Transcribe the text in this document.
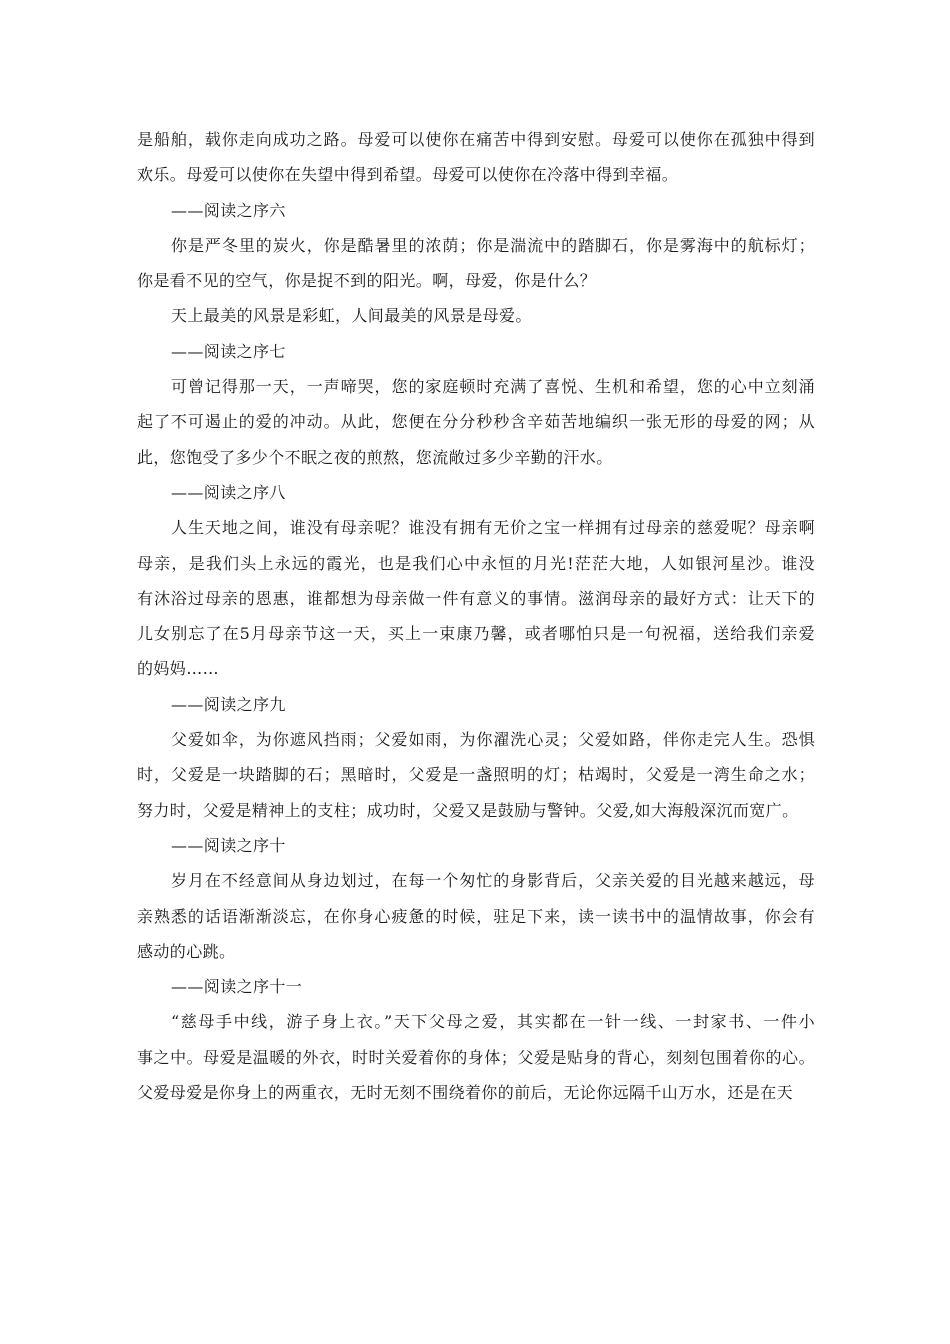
是船舶，载你走向成功之路。母爱可以使你在痛苦中得到安慰。母爱可以使你在孤独中得到
欢乐。母爱可以使你在失望中得到希望。母爱可以使你在冷落中得到幸福。
——阅读之序六
你是严冬里的炭火，你是酷暑里的浓荫；你是湍流中的踏脚石，你是雾海中的航标灯；
你是看不见的空气，你是捉不到的阳光。啊，母爱，你是什么？
天上最美的风景是彩虹，人间最美的风景是母爱。
——阅读之序七
可曾记得那一天，一声啼哭，您的家庭顿时充满了喜悦、生机和希望，您的心中立刻涌
起了不可遏止的爱的冲动。从此，您便在分分秒秒含辛茹苦地编织一张无形的母爱的网；从
此，您饱受了多少个不眠之夜的煎熬，您流敞过多少辛勤的汗水。
——阅读之序八
人生天地之间，谁没有母亲呢？谁没有拥有无价之宝一样拥有过母亲的慈爱呢？母亲啊
母亲，是我们头上永远的霞光，也是我们心中永恒的月光!茫茫大地，人如银河星沙。谁没
有沐浴过母亲的恩惠，谁都想为母亲做一件有意义的事情。滋润母亲的最好方式：让天下的
儿女别忘了在5月母亲节这一天，买上一束康乃馨，或者哪怕只是一句祝福，送给我们亲爱
的妈妈……
——阅读之序九
父爱如伞，为你遮风挡雨；父爱如雨，为你濯洗心灵；父爱如路，伴你走完人生。恐惧
时，父爱是一块踏脚的石；黑暗时，父爱是一盏照明的灯；枯竭时，父爱是一湾生命之水；
努力时，父爱是精神上的支柱；成功时，父爱又是鼓励与警钟。父爱,如大海般深沉而宽广。
——阅读之序十
岁月在不经意间从身边划过，在每一个匆忙的身影背后，父亲关爱的目光越来越远，母
亲熟悉的话语渐渐淡忘，在你身心疲惫的时候，驻足下来，读一读书中的温情故事，你会有
感动的心跳。
——阅读之序十一
“慈母手中线，游子身上衣。”天下父母之爱，其实都在一针一线、一封家书、一件小
事之中。母爱是温暖的外衣，时时关爱着你的身体；父爱是贴身的背心，刻刻包围着你的心。
父爱母爱是你身上的两重衣，无时无刻不围绕着你的前后，无论你远隔千山万水，还是在天
